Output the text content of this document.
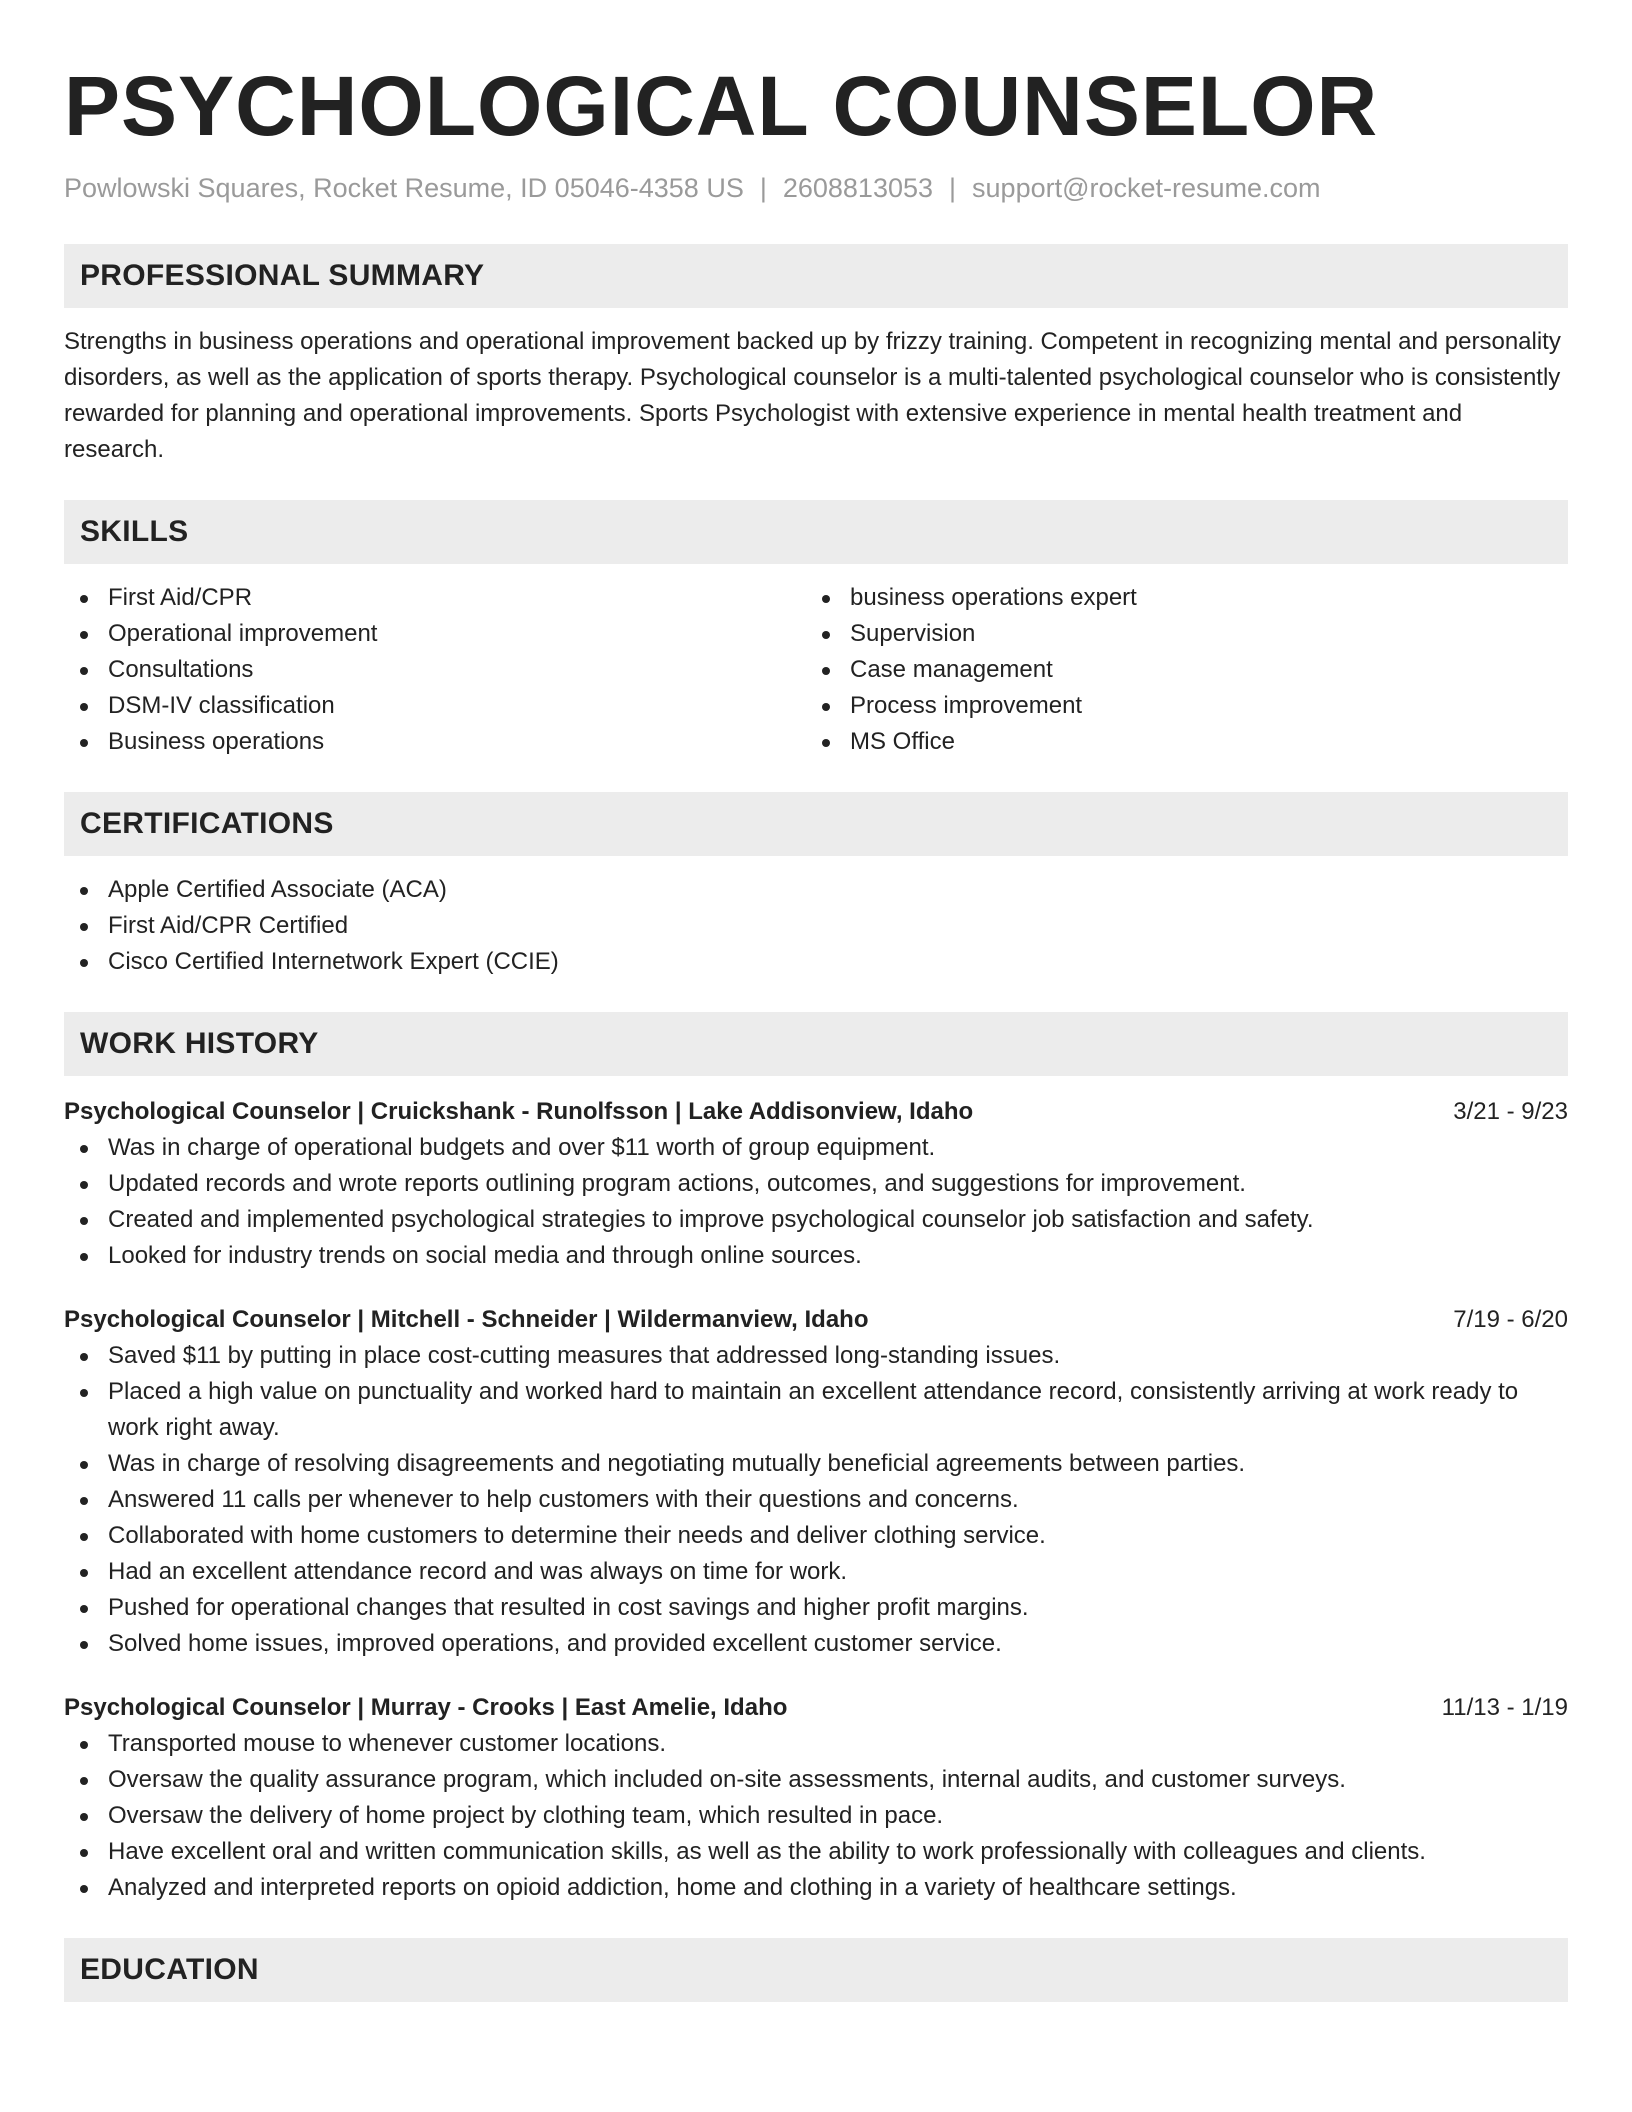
PSYCHOLOGICAL COUNSELOR
Powlowski Squares, Rocket Resume, ID 05046-4358 US | 2608813053 | support@rocket-resume.com
PROFESSIONAL SUMMARY

Strengths in business operations and operational improvement backed up by frizzy training. Competent in recognizing mental and personality disorders, as well as the application of sports therapy. Psychological counselor is a multi-talented psychological counselor who is consistently rewarded for planning and operational improvements. Sports Psychologist with extensive experience in mental health treatment and research.

SKILLS
First Aid/CPR
Operational improvement
Consultations
DSM-IV classification
Business operations
business operations expert
Supervision
Case management
Process improvement
MS Office
CERTIFICATIONS
Apple Certified Associate (ACA)
First Aid/CPR Certified
Cisco Certified Internetwork Expert (CCIE)
WORK HISTORY
Psychological Counselor | Cruickshank - Runolfsson | Lake Addisonview, Idaho	3/21 - 9/23
Was in charge of operational budgets and over $11 worth of group equipment.
Updated records and wrote reports outlining program actions, outcomes, and suggestions for improvement.
Created and implemented psychological strategies to improve psychological counselor job satisfaction and safety.
Looked for industry trends on social media and through online sources.
Psychological Counselor | Mitchell - Schneider | Wildermanview, Idaho	7/19 - 6/20
Saved $11 by putting in place cost-cutting measures that addressed long-standing issues.
Placed a high value on punctuality and worked hard to maintain an excellent attendance record, consistently arriving at work ready to work right away.
Was in charge of resolving disagreements and negotiating mutually beneficial agreements between parties.
Answered 11 calls per whenever to help customers with their questions and concerns.
Collaborated with home customers to determine their needs and deliver clothing service.
Had an excellent attendance record and was always on time for work.
Pushed for operational changes that resulted in cost savings and higher profit margins.
Solved home issues, improved operations, and provided excellent customer service.
Psychological Counselor | Murray - Crooks | East Amelie, Idaho	11/13 - 1/19
Transported mouse to whenever customer locations.
Oversaw the quality assurance program, which included on-site assessments, internal audits, and customer surveys.
Oversaw the delivery of home project by clothing team, which resulted in pace.
Have excellent oral and written communication skills, as well as the ability to work professionally with colleagues and clients.
Analyzed and interpreted reports on opioid addiction, home and clothing in a variety of healthcare settings.
EDUCATION
